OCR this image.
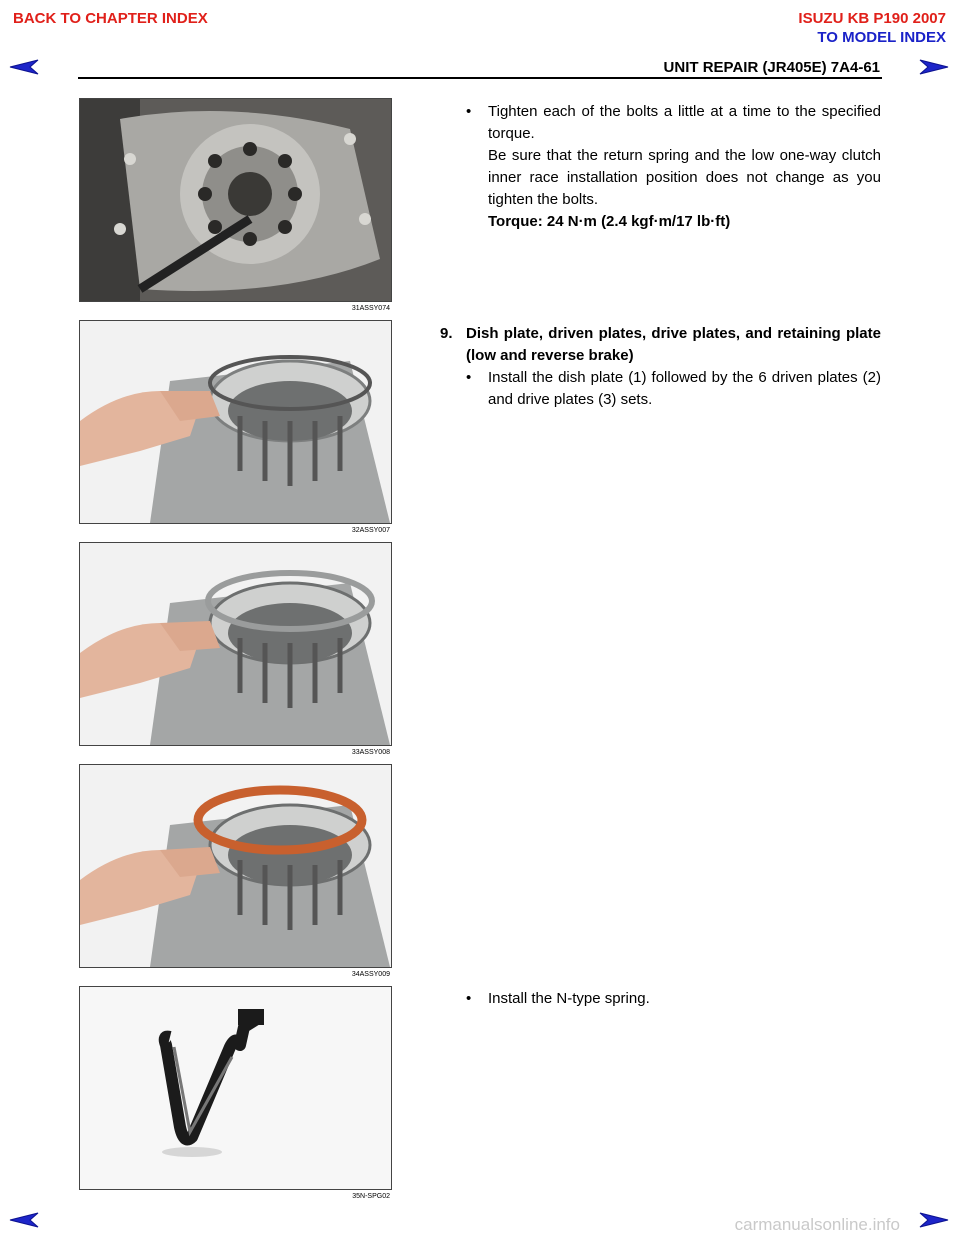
BACK TO CHAPTER INDEX	ISUZU KB P190 2007
TO MODEL INDEX
UNIT REPAIR (JR405E) 7A4-61
31ASSY074
• Tighten each of the bolts a little at a time to the specified torque.
Be sure that the return spring and the low one-way clutch inner race installation position does not change as you tighten the bolts.
Torque: 24 N·m (2.4 kgf·m/17 lb·ft)
32ASSY007
9. Dish plate, driven plates, drive plates, and retaining plate (low and reverse brake)
• Install the dish plate (1) followed by the 6 driven plates (2) and drive plates (3) sets.
33ASSY008
34ASSY009
35N-SPG02
• Install the N-type spring.
carmanualsonline.info
